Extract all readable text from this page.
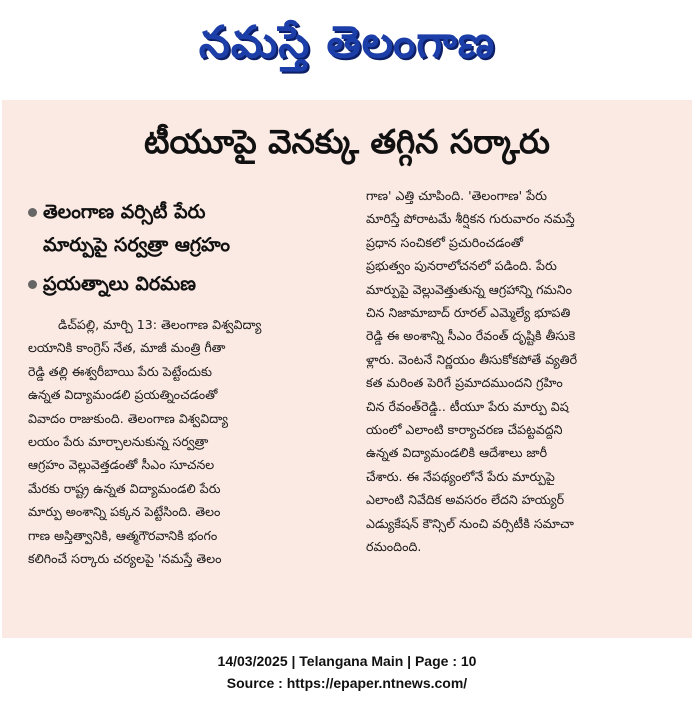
నమస్తే తెలంగాణ
టీయూపై వెనక్కు తగ్గిన సర్కారు
తెలంగాణ వర్సిటీ పేరు
మార్పుపై సర్వత్రా ఆగ్రహం
ప్రయత్నాలు విరమణ
డిచ్‌పల్లి, మార్చి 13: తెలంగాణ విశ్వవిద్యా
లయానికి కాంగ్రెస్ నేత, మాజీ మంత్రి గీతా
రెడ్డి తల్లి ఈశ్వరీబాయి పేరు పెట్టేందుకు
ఉన్నత విద్యామండలి ప్రయత్నించడంతో
వివాదం రాజుకుంది. తెలంగాణ విశ్వవిద్యా
లయం పేరు మార్చాలనుకున్న సర్వత్రా
ఆగ్రహం వెల్లువెత్తడంతో సీఎం సూచనల
మేరకు రాష్ట్ర ఉన్నత విద్యామండలి పేరు
మార్పు అంశాన్ని పక్కన పెట్టేసింది. తెలం
గాణ అస్తిత్వానికి, ఆత్మగౌరవానికి భంగం
కలిగించే సర్కారు చర్యలపై 'నమస్తే తెలం
గాణ' ఎత్తి చూపింది. 'తెలంగాణ' పేరు
మారిస్తే పోరాటమే శీర్షికన గురువారం నమస్తే
ప్రధాన సంచికలో ప్రచురించడంతో
ప్రభుత్వం పునరాలోచనలో పడింది. పేరు
మార్పుపై వెల్లువెత్తుతున్న ఆగ్రహాన్ని గమనిం
చిన నిజామాబాద్ రూరల్ ఎమ్మెల్యే భూపతి
రెడ్డి ఈ అంశాన్ని సీఎం రేవంత్ దృష్టికి తీసుకె
ళ్లారు. వెంటనే నిర్ణయం తీసుకోకపోతే వ్యతిరే
కత మరింత పెరిగే ప్రమాదముందని గ్రహిం
చిన రేవంత్‌రెడ్డి.. టీయూ పేరు మార్పు విష
యంలో ఎలాంటి కార్యాచరణ చేపట్టవద్దని
ఉన్నత విద్యామండలికి ఆదేశాలు జారీ
చేశారు. ఈ నేపథ్యంలోనే పేరు మార్పుపై
ఎలాంటి నివేదిక అవసరం లేదని హయ్యర్
ఎడ్యుకేషన్ కౌన్సిల్ నుంచి వర్సిటీకి సమాచా
రమందింది.
14/03/2025 | Telangana Main | Page : 10
Source : https://epaper.ntnews.com/
